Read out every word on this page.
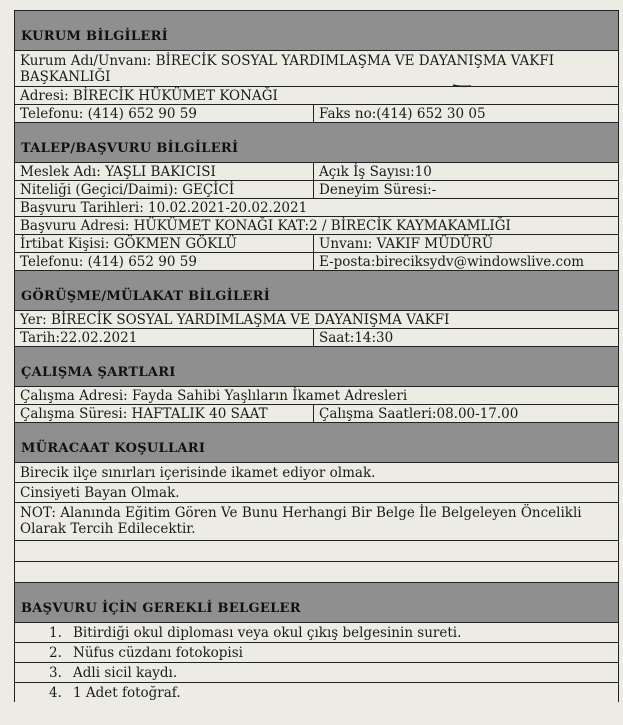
KURUM BİLGİLERİ
Kurum Adı/Unvanı: BİRECİK SOSYAL YARDIMLAŞMA VE DAYANIŞMA VAKFI BAŞKANLIĞI
Adresi: BİRECİK HÜKÜMET KONAĞI
Telefonu: (414) 652 90 59	Faks no:(414) 652 30 05
TALEP/BAŞVURU BİLGİLERİ
Meslek Adı: YAŞLI BAKICISI	Açık İş Sayısı:10
Niteliği (Geçici/Daimi): GEÇİCİ	Deneyim Süresi:-
Başvuru Tarihleri: 10.02.2021-20.02.2021
Başvuru Adresi: HÜKÜMET KONAĞI KAT:2 / BİRECİK KAYMAKAMLIĞI
İrtibat Kişisi: GÖKMEN GÖKLÜ	Unvanı: VAKIF MÜDÜRÜ
Telefonu: (414) 652 90 59	E-posta:bireciksydv@windowslive.com
GÖRÜŞME/MÜLAKAT BİLGİLERİ
Yer: BİRECİK SOSYAL YARDIMLAŞMA VE DAYANIŞMA VAKFI
Tarih:22.02.2021	Saat:14:30
ÇALIŞMA ŞARTLARI
Çalışma Adresi: Fayda Sahibi Yaşlıların İkamet Adresleri
Çalışma Süresi: HAFTALIK 40 SAAT	Çalışma Saatleri:08.00-17.00
MÜRACAAT KOŞULLARI
Birecik ilçe sınırları içerisinde ikamet ediyor olmak.
Cinsiyeti Bayan Olmak.
NOT: Alanında Eğitim Gören Ve Bunu Herhangi Bir Belge İle Belgeleyen Öncelikli Olarak Tercih Edilecektir.
BAŞVURU İÇİN GEREKLİ BELGELER
1. Bitirdiği okul diploması veya okul çıkış belgesinin sureti.
2. Nüfus cüzdanı fotokopisi
3. Adli sicil kaydı.
4. 1 Adet fotoğraf.
